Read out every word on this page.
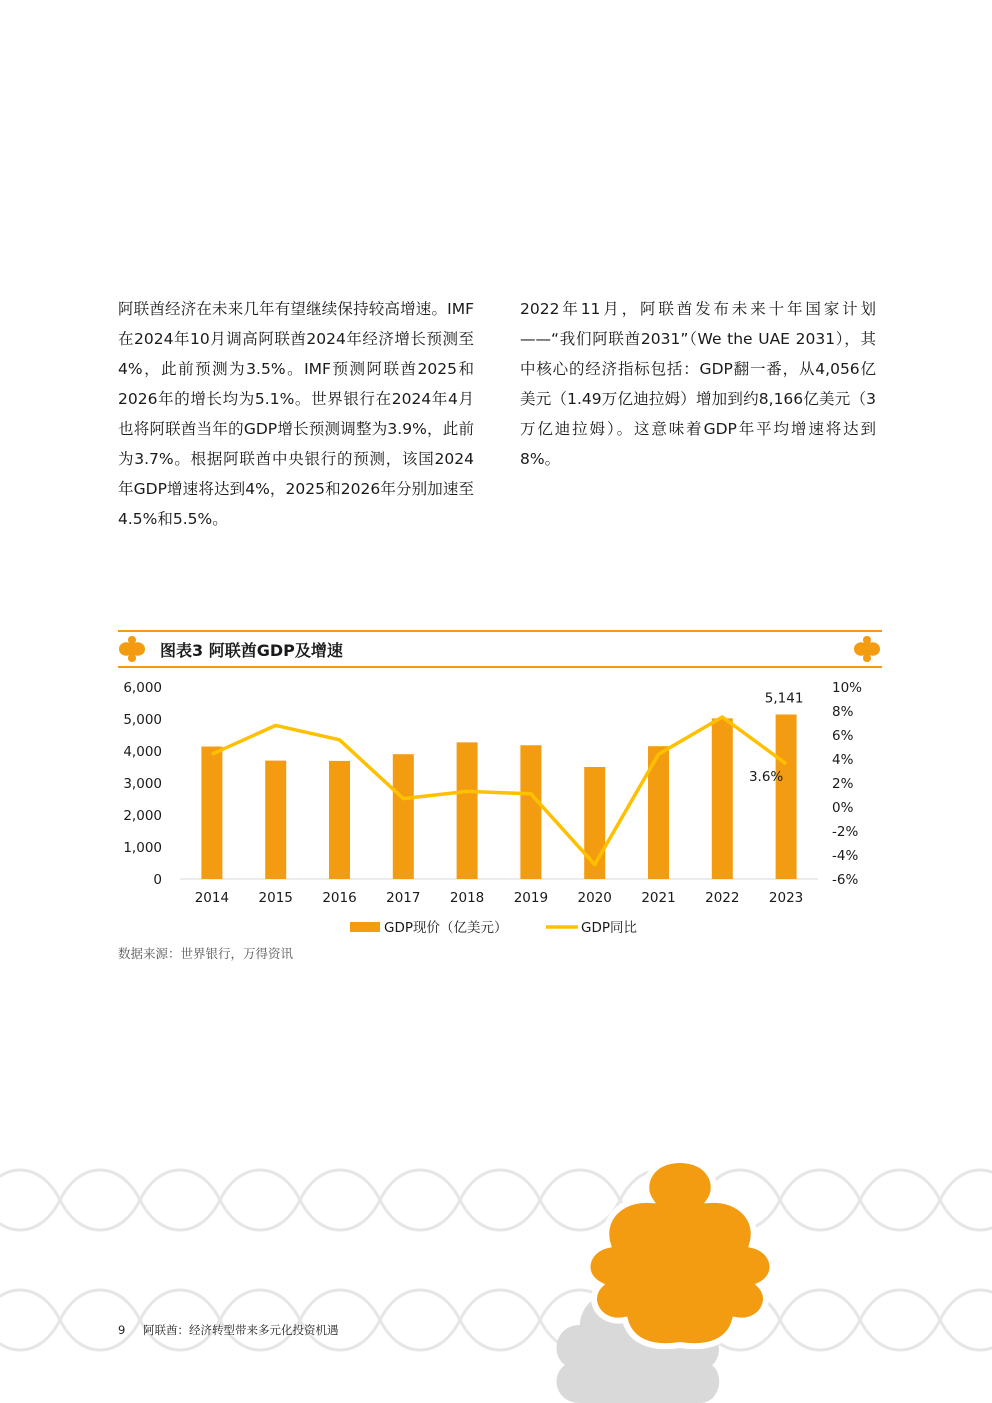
阿联酋经济在未来几年有望继续保持较高增速。IMF在2024年10月调高阿联酋2024年经济增长预测至4%，此前预测为3.5%。IMF预测阿联酋2025和2026年的增长均为5.1%。世界银行在2024年4月也将阿联酋当年的GDP增长预测调整为3.9%，此前为3.7%。根据阿联酋中央银行的预测，该国2024年GDP增速将达到4%，2025和2026年分别加速至4.5%和5.5%。
2022年11月，阿联酋发布未来十年国家计划——“我们阿联酋2031”（We the UAE 2031），其中核心的经济指标包括：GDP翻一番，从4,056亿美元（1.49万亿迪拉姆）增加到约8,166亿美元（3万亿迪拉姆）。这意味着GDP年平均增速将达到8%。
图表3 阿联酋GDP及增速
0
1,000
2,000
3,000
4,000
5,000
6,000
-6%
-4%
-2%
0%
2%
4%
6%
8%
10%
2014 2015 2016 2017 2018 2019 2020 2021 2022 2023
5,141
3.6%
GDP现价（亿美元）	GDP同比
数据来源：世界银行，万得资讯
9 阿联酋：经济转型带来多元化投资机遇
